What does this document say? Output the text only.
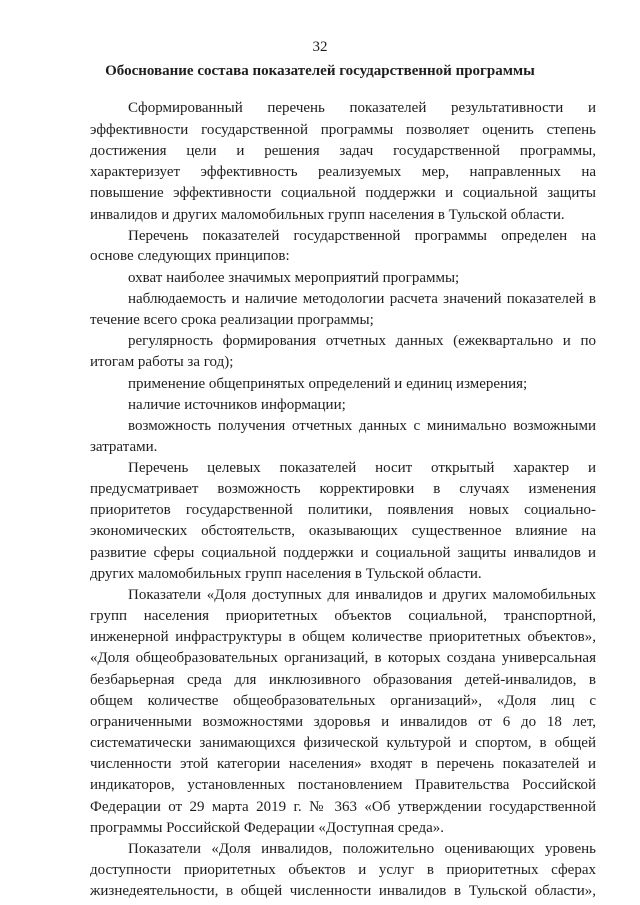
32
Обоснование состава показателей государственной программы
Сформированный перечень показателей результативности и
эффективности государственной программы позволяет оценить степень
достижения цели и решения задач государственной программы,
характеризует эффективность реализуемых мер, направленных на
повышение эффективности социальной поддержки и социальной защиты
инвалидов и других маломобильных групп населения в Тульской области.
Перечень показателей государственной программы определен на
основе следующих принципов:
охват наиболее значимых мероприятий программы;
наблюдаемость и наличие методологии расчета значений показателей в
течение всего срока реализации программы;
регулярность формирования отчетных данных (ежеквартально и по
итогам работы за год);
применение общепринятых определений и единиц измерения;
наличие источников информации;
возможность получения отчетных данных с минимально возможными
затратами.
Перечень целевых показателей носит открытый характер и
предусматривает возможность корректировки в случаях изменения
приоритетов государственной политики, появления новых социально-
экономических обстоятельств, оказывающих существенное влияние на
развитие сферы социальной поддержки и социальной защиты инвалидов и
других маломобильных групп населения в Тульской области.
Показатели «Доля доступных для инвалидов и других маломобильных
групп населения приоритетных объектов социальной, транспортной,
инженерной инфраструктуры в общем количестве приоритетных объектов»,
«Доля общеобразовательных организаций, в которых создана универсальная
безбарьерная среда для инклюзивного образования детей-инвалидов, в
общем количестве общеобразовательных организаций», «Доля лиц с
ограниченными возможностями здоровья и инвалидов от 6 до 18 лет,
систематически занимающихся физической культурой и спортом, в общей
численности этой категории населения» входят в перечень показателей и
индикаторов, установленных постановлением Правительства Российской
Федерации от 29 марта 2019 г. № 363 «Об утверждении государственной
программы Российской Федерации «Доступная среда».
Показатели «Доля инвалидов, положительно оценивающих уровень
доступности приоритетных объектов и услуг в приоритетных сферах
жизнедеятельности, в общей численности инвалидов в Тульской области»,
